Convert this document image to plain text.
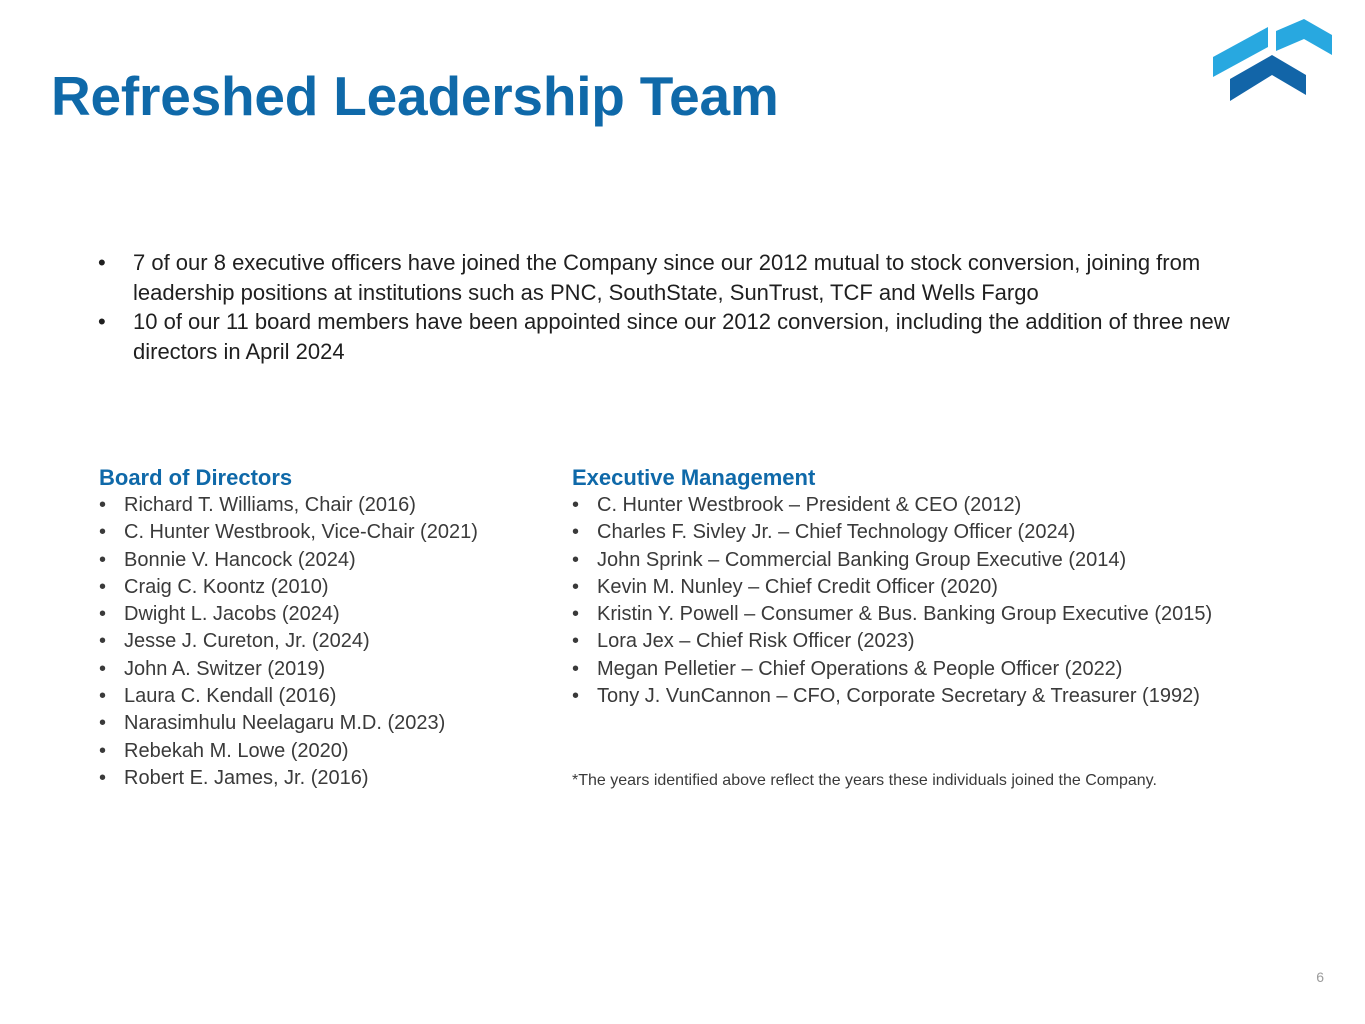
Refreshed Leadership Team
• 7 of our 8 executive officers have joined the Company since our 2012 mutual to stock conversion, joining from leadership positions at institutions such as PNC, SouthState, SunTrust, TCF and Wells Fargo
• 10 of our 11 board members have been appointed since our 2012 conversion, including the addition of three new directors in April 2024
Board of Directors
• Richard T. Williams, Chair (2016)
• C. Hunter Westbrook, Vice-Chair (2021)
• Bonnie V. Hancock (2024)
• Craig C. Koontz (2010)
• Dwight L. Jacobs (2024)
• Jesse J. Cureton, Jr. (2024)
• John A. Switzer (2019)
• Laura C. Kendall (2016)
• Narasimhulu Neelagaru M.D. (2023)
• Rebekah M. Lowe (2020)
• Robert E. James, Jr. (2016)
Executive Management
• C. Hunter Westbrook – President & CEO (2012)
• Charles F. Sivley Jr. – Chief Technology Officer (2024)
• John Sprink – Commercial Banking Group Executive (2014)
• Kevin M. Nunley – Chief Credit Officer (2020)
• Kristin Y. Powell – Consumer & Bus. Banking Group Executive (2015)
• Lora Jex – Chief Risk Officer (2023)
• Megan Pelletier – Chief Operations & People Officer (2022)
• Tony J. VunCannon – CFO, Corporate Secretary & Treasurer (1992)
*The years identified above reflect the years these individuals joined the Company.
6
